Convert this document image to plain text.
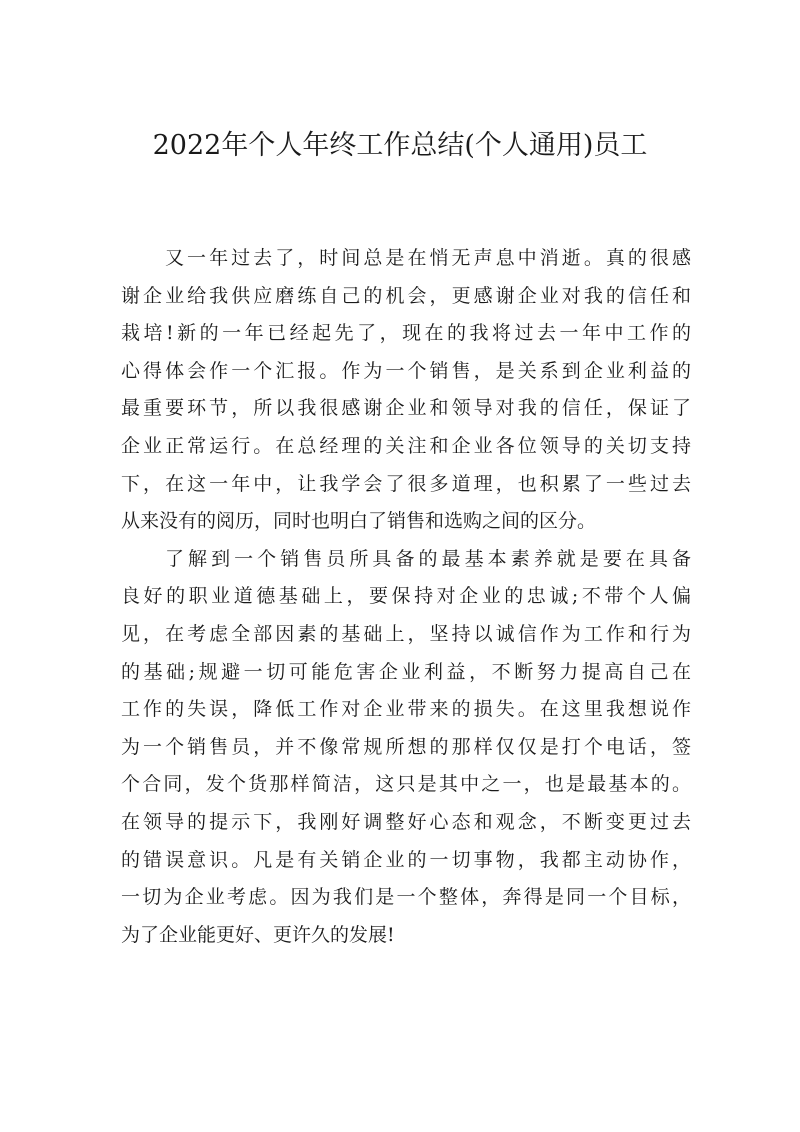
2022年个人年终工作总结(个人通用)员工
又一年过去了，时间总是在悄无声息中消逝。真的很感
谢企业给我供应磨练自己的机会，更感谢企业对我的信任和
栽培!新的一年已经起先了，现在的我将过去一年中工作的
心得体会作一个汇报。作为一个销售，是关系到企业利益的
最重要环节，所以我很感谢企业和领导对我的信任，保证了
企业正常运行。在总经理的关注和企业各位领导的关切支持
下，在这一年中，让我学会了很多道理，也积累了一些过去
从来没有的阅历，同时也明白了销售和选购之间的区分。
了解到一个销售员所具备的最基本素养就是要在具备
良好的职业道德基础上，要保持对企业的忠诚;不带个人偏
见，在考虑全部因素的基础上，坚持以诚信作为工作和行为
的基础;规避一切可能危害企业利益，不断努力提高自己在
工作的失误，降低工作对企业带来的损失。在这里我想说作
为一个销售员，并不像常规所想的那样仅仅是打个电话，签
个合同，发个货那样简洁，这只是其中之一，也是最基本的。
在领导的提示下，我刚好调整好心态和观念，不断变更过去
的错误意识。凡是有关销企业的一切事物，我都主动协作，
一切为企业考虑。因为我们是一个整体，奔得是同一个目标，
为了企业能更好、更许久的发展!
